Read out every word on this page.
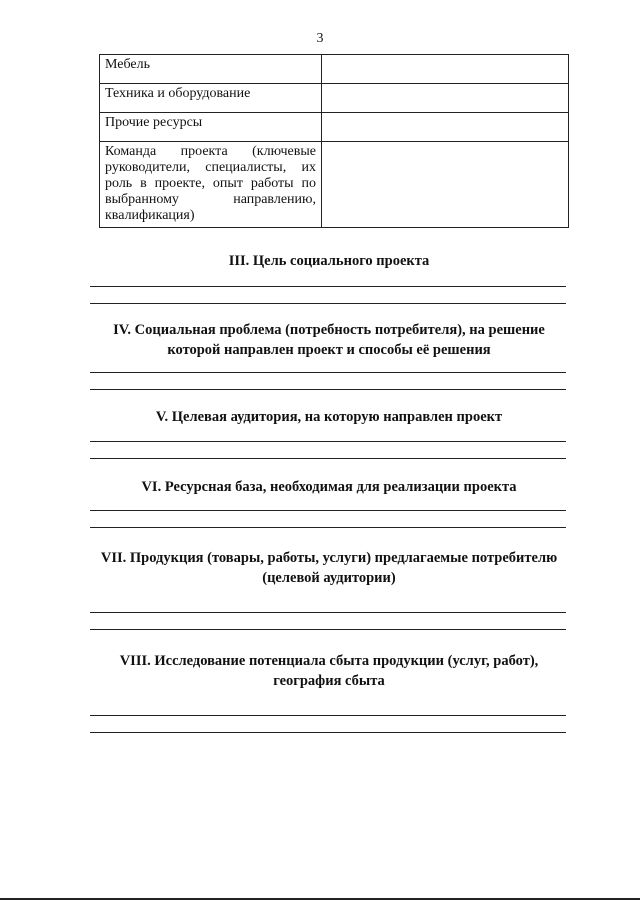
3
Мебель	
Техника и оборудование	
Прочие ресурсы	
Команда проекта (ключевые руководители, специалисты, их роль в проекте, опыт работы по выбранному направлению, квалификация)	

III. Цель социального проекта

IV. Социальная проблема (потребность потребителя), на решение которой направлен проект и способы её решения

V. Целевая аудитория, на которую направлен проект

VI. Ресурсная база, необходимая для реализации проекта

VII. Продукция (товары, работы, услуги) предлагаемые потребителю (целевой аудитории)

VIII. Исследование потенциала сбыта продукции (услуг, работ), география сбыта
